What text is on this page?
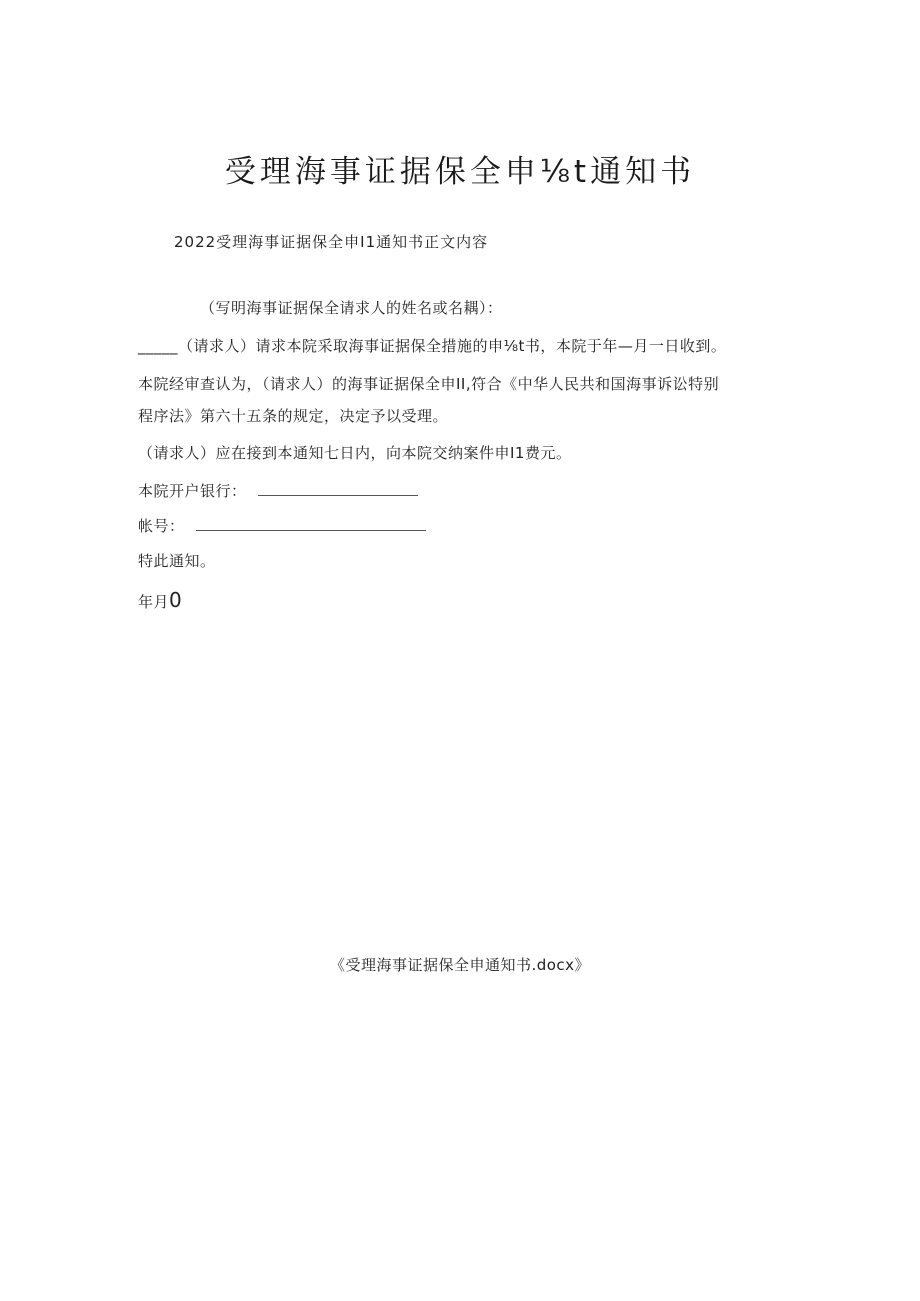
受理海事证据保全申⅛t通知书
2022受理海事证据保全申I1通知书正文内容
（写明海事证据保全请求人的姓名或名耦）：
_____（请求人）请求本院采取海事证据保全措施的申⅛t书，本院于年—月一日收到。
本院经审查认为，（请求人）的海事证据保全申II,符合《中华人民共和国海事诉讼特别
程序法》第六十五条的规定，决定予以受理。
（请求人）应在接到本通知七日内，向本院交纳案件申I1费元。
本院开户银行：
帐号：
特此通知。
年月0
《受理海事证据保全申通知书.docx》
